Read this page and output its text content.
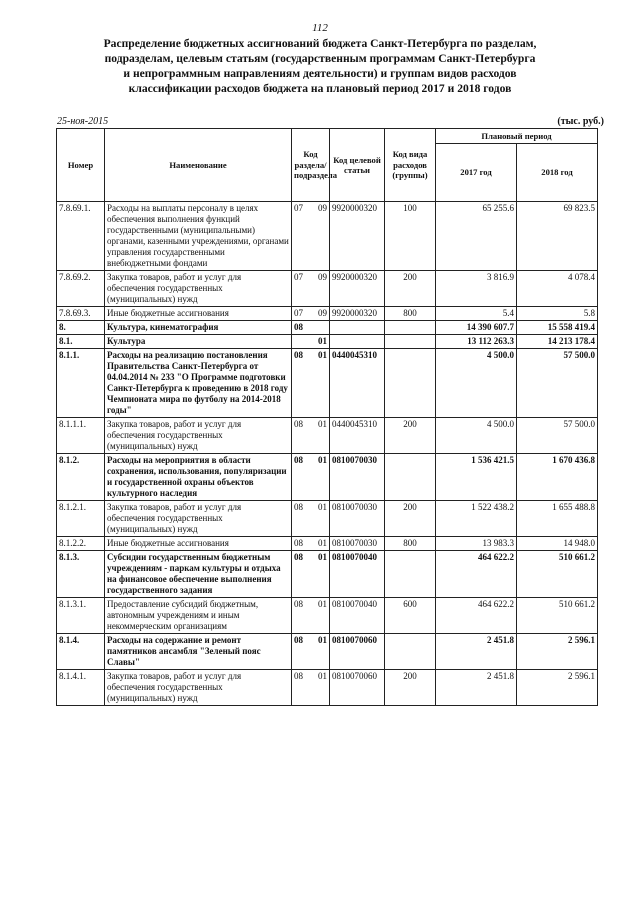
112
Распределение бюджетных ассигнований бюджета Санкт-Петербурга по разделам,
подразделам, целевым статьям (государственным программам Санкт-Петербурга
и непрограммным направлениям деятельности) и группам видов расходов
классификации расходов бюджета на плановый период 2017 и 2018 годов
25-ноя-2015	(тыс. руб.)
Номер	Наименование	Код раздела/ подраздела	Код целевой статьи	Код вида расходов (группы)	Плановый период	
					2017 год	2018 год
7.8.69.1.	Расходы на выплаты персоналу в целях обеспечения выполнения функций государственными (муниципальными) органами, казенными учреждениями, органами управления государственными внебюджетными фондами	07 09	9920000320	100	65 255.6	69 823.5
7.8.69.2.	Закупка товаров, работ и услуг для обеспечения государственных (муниципальных) нужд	07 09	9920000320	200	3 816.9	4 078.4
7.8.69.3.	Иные бюджетные ассигнования	07 09	9920000320	800	5.4	5.8
8.	Культура, кинематография	08			14 390 607.7	15 558 419.4
8.1.	Культура	01			13 112 263.3	14 213 178.4
8.1.1.	Расходы на реализацию постановления Правительства Санкт-Петербурга от 04.04.2014 № 233 "О Программе подготовки Санкт-Петербурга к проведению в 2018 году Чемпионата мира по футболу на 2014-2018 годы"	08 01	0440045310		4 500.0	57 500.0
8.1.1.1.	Закупка товаров, работ и услуг для обеспечения государственных (муниципальных) нужд	08 01	0440045310	200	4 500.0	57 500.0
8.1.2.	Расходы на мероприятия в области сохранения, использования, популяризации и государственной охраны объектов культурного наследия	08 01	0810070030		1 536 421.5	1 670 436.8
8.1.2.1.	Закупка товаров, работ и услуг для обеспечения государственных (муниципальных) нужд	08 01	0810070030	200	1 522 438.2	1 655 488.8
8.1.2.2.	Иные бюджетные ассигнования	08 01	0810070030	800	13 983.3	14 948.0
8.1.3.	Субсидии государственным бюджетным учреждениям - паркам культуры и отдыха на финансовое обеспечение выполнения государственного задания	08 01	0810070040		464 622.2	510 661.2
8.1.3.1.	Предоставление субсидий бюджетным, автономным учреждениям и иным некоммерческим организациям	08 01	0810070040	600	464 622.2	510 661.2
8.1.4.	Расходы на содержание и ремонт памятников ансамбля "Зеленый пояс Славы"	08 01	0810070060		2 451.8	2 596.1
8.1.4.1.	Закупка товаров, работ и услуг для обеспечения государственных (муниципальных) нужд	08 01	0810070060	200	2 451.8	2 596.1
